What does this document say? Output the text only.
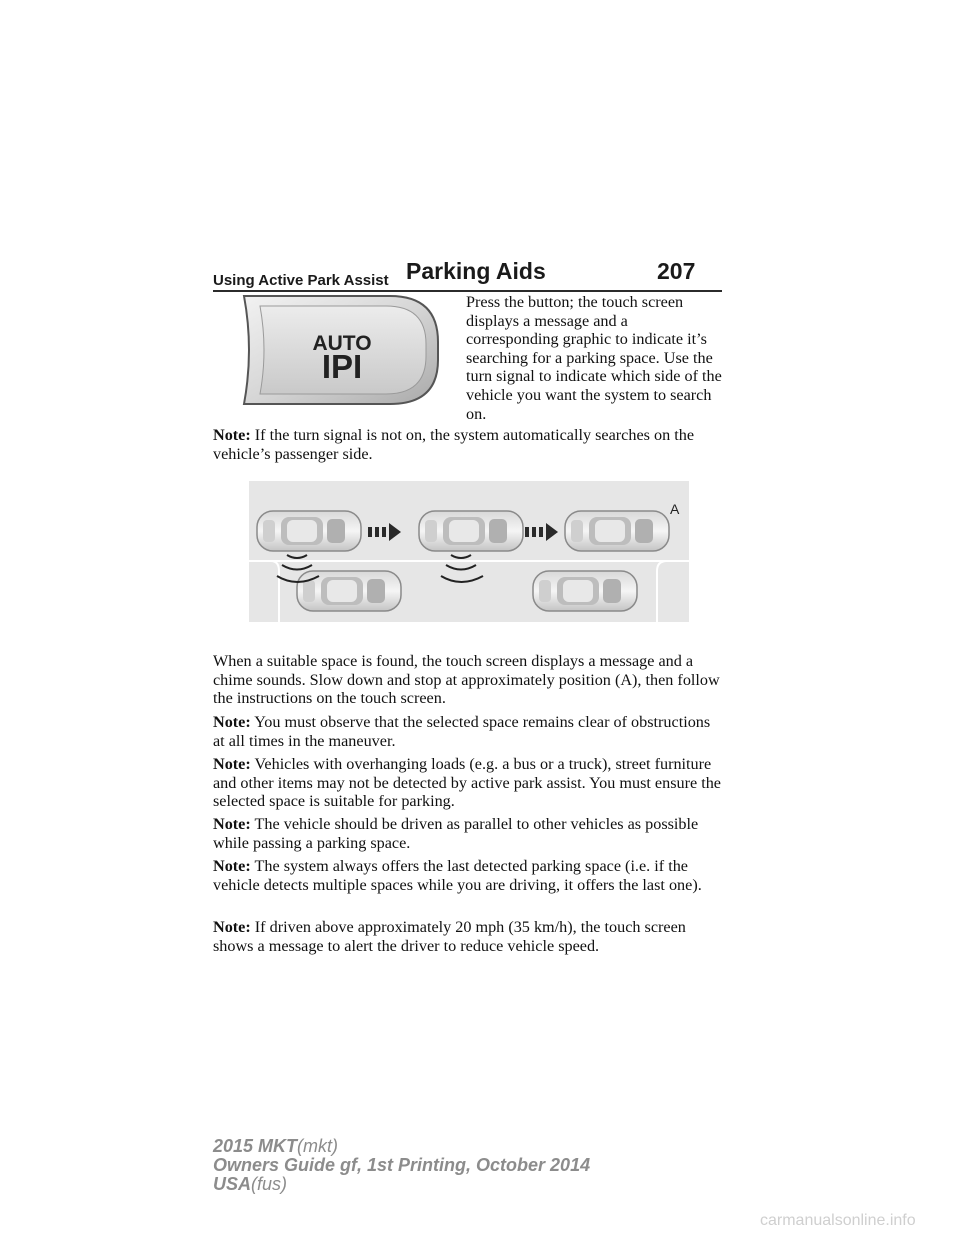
Parking Aids	207
Using Active Park Assist
AUTO
IPI
Press the button; the touch screen displays a message and a corresponding graphic to indicate it’s searching for a parking space. Use the turn signal to indicate which side of the vehicle you want the system to search on.

Note: If the turn signal is not on, the system automatically searches on the vehicle’s passenger side.

A

When a suitable space is found, the touch screen displays a message and a chime sounds. Slow down and stop at approximately position (A), then follow the instructions on the touch screen.

Note: You must observe that the selected space remains clear of obstructions at all times in the maneuver.

Note: Vehicles with overhanging loads (e.g. a bus or a truck), street furniture and other items may not be detected by active park assist. You must ensure the selected space is suitable for parking.

Note: The vehicle should be driven as parallel to other vehicles as possible while passing a parking space.

Note: The system always offers the last detected parking space (i.e. if the vehicle detects multiple spaces while you are driving, it offers the last one).

Note: If driven above approximately 20 mph (35 km/h), the touch screen shows a message to alert the driver to reduce vehicle speed.

2015 MKT(mkt)
Owners Guide gf, 1st Printing, October 2014
USA(fus)
carmanualsonline.info
